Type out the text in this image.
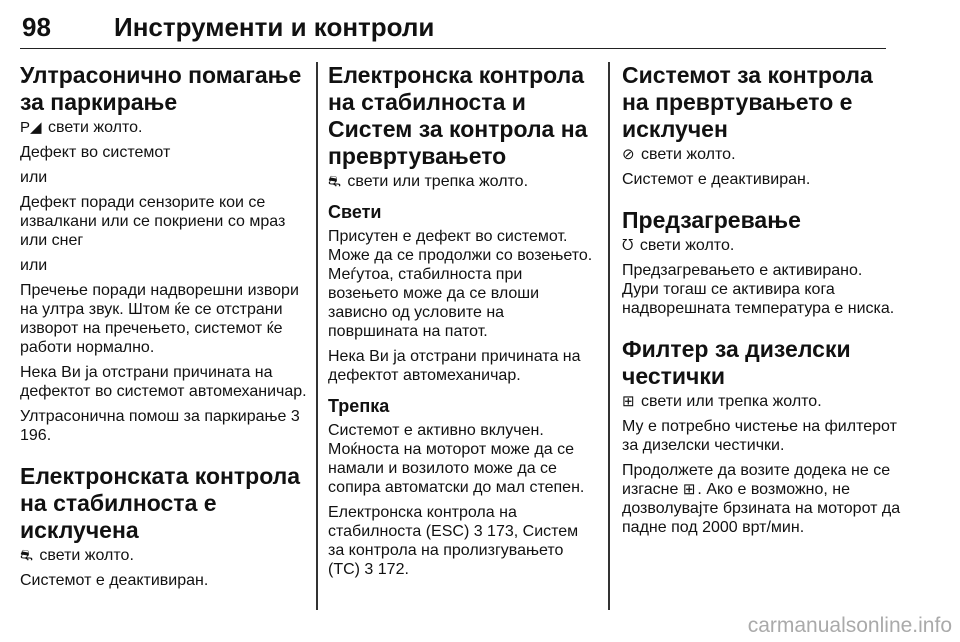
98 Инструменти и контроли
Ултрасонично помагање за паркирање

P◢ свети жолто.

Дефект во системот

или

Дефект поради сензорите кои се извалкани или се покриени со мраз или снег

или

Пречење поради надворешни извори на ултра звук. Штом ќе се отстрани изворот на пречењето, системот ќе работи нормално.

Нека Ви ја отстрани причината на дефектот во системот автомеханичар.

Ултрасонична помош за паркирање 3 196.

Електронската контрола на стабилноста е исклучена

⛐ свети жолто.

Системот е деактивиран.

Електронска контрола на стабилноста и Систем за контрола на превртувањето

⛐ свети или трепка жолто.

Свети

Присутен е дефект во системот. Може да се продолжи со возењето. Меѓутоа, стабилноста при возењето може да се влоши зависно од условите на површината на патот.

Нека Ви ја отстрани причината на дефектот автомеханичар.

Трепка

Системот е активно вклучен. Моќноста на моторот може да се намали и возилото може да се сопира автоматски до мал степен.

Електронска контрола на стабилноста (ESC) 3 173, Систем за контрола на пролизгувањето (TC) 3 172.

Системот за контрола на превртувањето е исклучен

⊘ свети жолто.

Системот е деактивиран.

Предзагревање

ᘮ свети жолто.

Предзагревањето е активирано. Дури тогаш се активира кога надворешната температура е ниска.

Филтер за дизелски честички

⊞ свети или трепка жолто.

Му е потребно чистење на филтерот за дизелски честички.

Продолжете да возите додека не се изгасне ⊞ . Ако е возможно, не дозволувајте брзината на моторот да падне под 2000 врт/мин.

carmanualsonline.info
